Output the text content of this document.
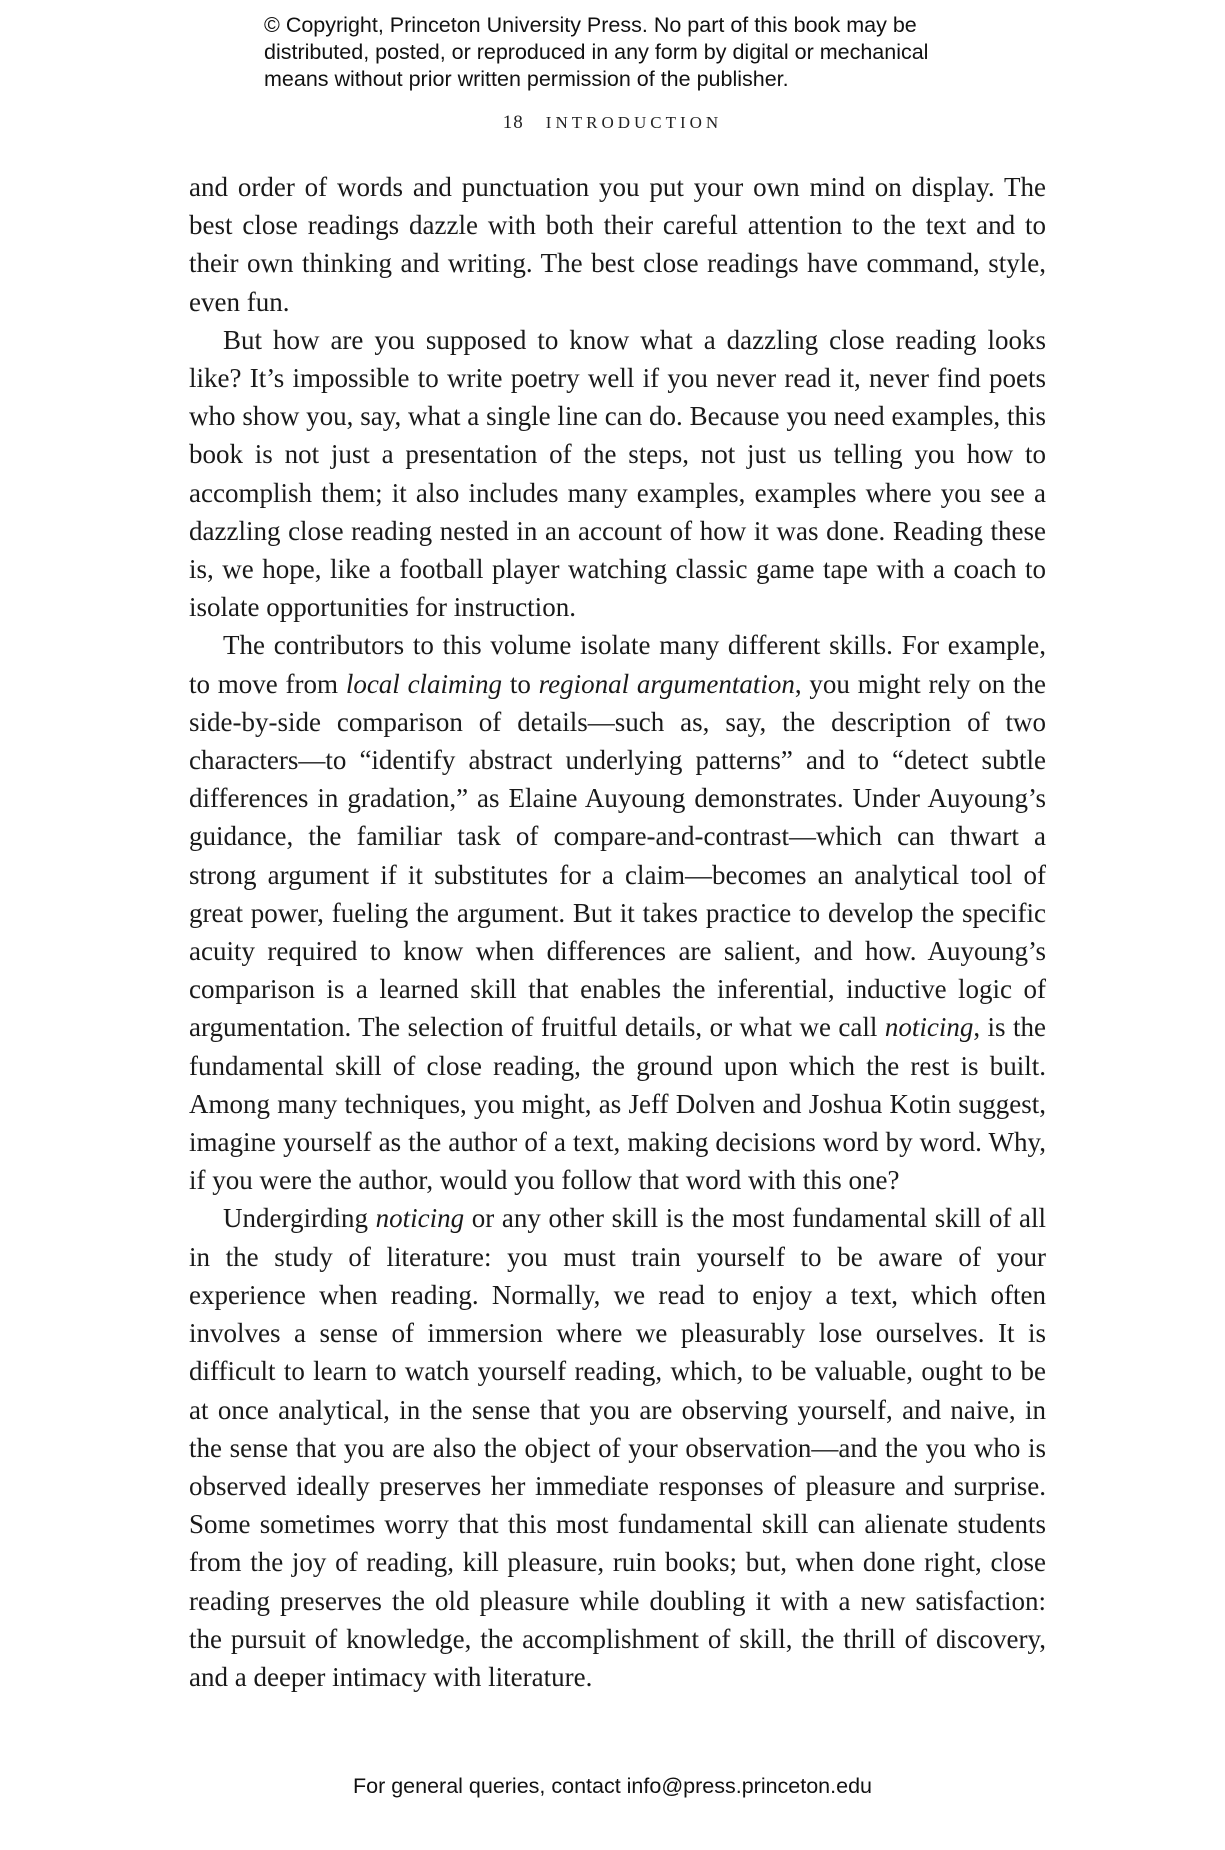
© Copyright, Princeton University Press. No part of this book may be
distributed, posted, or reproduced in any form by digital or mechanical
means without prior written permission of the publisher.
18 INTRODUCTION

and order of words and punctuation you put your own mind on display. The best close readings dazzle with both their careful attention to the text and to their own thinking and writing. The best close readings have command, style, even fun.

But how are you supposed to know what a dazzling close reading looks like? It’s impossible to write poetry well if you never read it, never find poets who show you, say, what a single line can do. Because you need examples, this book is not just a presentation of the steps, not just us telling you how to accomplish them; it also includes many examples, examples where you see a dazzling close reading nested in an account of how it was done. Reading these is, we hope, like a football player watching classic game tape with a coach to isolate opportunities for instruction.

The contributors to this volume isolate many different skills. For example, to move from local claiming to regional argumentation, you might rely on the side-by-side comparison of details—such as, say, the description of two characters—to “identify abstract underlying patterns” and to “detect subtle differences in gradation,” as Elaine Auyoung demonstrates. Under Auyoung’s guidance, the familiar task of compare-and-contrast—which can thwart a strong argument if it substitutes for a claim—becomes an analytical tool of great power, fueling the argument. But it takes practice to develop the specific acuity required to know when differences are salient, and how. Auyoung’s comparison is a learned skill that enables the inferential, inductive logic of argumentation. The selection of fruitful details, or what we call noticing, is the fundamental skill of close reading, the ground upon which the rest is built. Among many techniques, you might, as Jeff Dolven and Joshua Kotin suggest, imagine yourself as the author of a text, making decisions word by word. Why, if you were the author, would you follow that word with this one?

Undergirding noticing or any other skill is the most fundamental skill of all in the study of literature: you must train yourself to be aware of your experience when reading. Normally, we read to enjoy a text, which often involves a sense of immersion where we pleasurably lose ourselves. It is difficult to learn to watch yourself reading, which, to be valuable, ought to be at once analytical, in the sense that you are observing yourself, and naive, in the sense that you are also the object of your observation—and the you who is observed ideally preserves her immediate responses of pleasure and surprise. Some sometimes worry that this most fundamental skill can alienate students from the joy of reading, kill pleasure, ruin books; but, when done right, close reading preserves the old pleasure while doubling it with a new satisfaction: the pursuit of knowledge, the accomplishment of skill, the thrill of discovery, and a deeper intimacy with literature.

For general queries, contact info@press.princeton.edu
